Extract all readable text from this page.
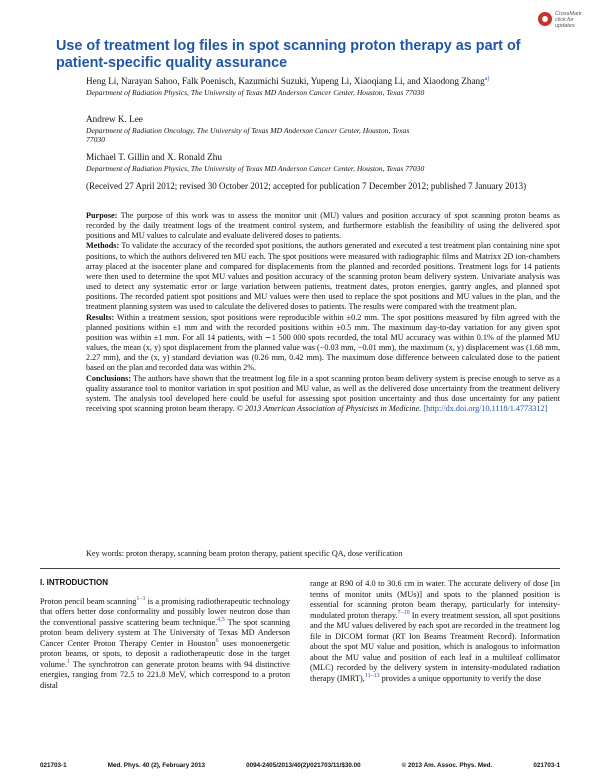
CrossMark
click for updates
Use of treatment log files in spot scanning proton therapy as part of patient-specific quality assurance
Heng Li, Narayan Sahoo, Falk Poenisch, Kazumichi Suzuki, Yupeng Li, Xiaoqiang Li, and Xiaodong Zhang$^{a)}$
Department of Radiation Physics, The University of Texas MD Anderson Cancer Center, Houston, Texas 77030
Andrew K. Lee
Department of Radiation Oncology, The University of Texas MD Anderson Cancer Center, Houston, Texas 77030
Michael T. Gillin and X. Ronald Zhu
Department of Radiation Physics, The University of Texas MD Anderson Cancer Center, Houston, Texas 77030
(Received 27 April 2012; revised 30 October 2012; accepted for publication 7 December 2012; published 7 January 2013)

Purpose: The purpose of this work was to assess the monitor unit (MU) values and position accuracy of spot scanning proton beams as recorded by the daily treatment logs of the treatment control system, and furthermore establish the feasibility of using the delivered spot positions and MU values to calculate and evaluate delivered doses to patients.

Methods: To validate the accuracy of the recorded spot positions, the authors generated and executed a test treatment plan containing nine spot positions, to which the authors delivered ten MU each. The spot positions were measured with radiographic films and Matrixx 2D ion-chambers array placed at the isocenter plane and compared for displacements from the planned and recorded positions. Treatment logs for 14 patients were then used to determine the spot MU values and position accuracy of the scanning proton beam delivery system. Univariate analysis was used to detect any systematic error or large variation between patients, treatment dates, proton energies, gantry angles, and planned spot positions. The recorded patient spot positions and MU values were then used to replace the spot positions and MU values in the plan, and the treatment planning system was used to calculate the delivered doses to patients. The results were compared with the treatment plan.

Results: Within a treatment session, spot positions were reproducible within ±0.2 mm. The spot positions measured by film agreed with the planned positions within ±1 mm and with the recorded positions within ±0.5 mm. The maximum day-to-day variation for any given spot position was within ±1 mm. For all 14 patients, with ∼1 500 000 spots recorded, the total MU accuracy was within 0.1% of the planned MU values, the mean (x, y) spot displacement from the planned value was (−0.03 mm, −0.01 mm), the maximum (x, y) displacement was (1.68 mm, 2.27 mm), and the (x, y) standard deviation was (0.26 mm, 0.42 mm). The maximum dose difference between calculated dose to the patient based on the plan and recorded data was within 2%.

Conclusions: The authors have shown that the treatment log file in a spot scanning proton beam delivery system is precise enough to serve as a quality assurance tool to monitor variation in spot position and MU value, as well as the delivered dose uncertainty from the treatment delivery system. The analysis tool developed here could be useful for assessing spot position uncertainty and thus dose uncertainty for any patient receiving spot scanning proton beam therapy. © 2013 American Association of Physicists in Medicine. [http://dx.doi.org/10.1118/1.4773312]

Key words: proton therapy, scanning beam proton therapy, patient specific QA, dose verification
I. INTRODUCTION

Proton pencil beam scanning$^{1-3}$ is a promising radiotherapeutic technology that offers better dose conformality and possibly lower neutron dose than the conventional passive scattering beam technique.$^{4,5}$ The spot scanning proton beam delivery system at The University of Texas MD Anderson Cancer Center Proton Therapy Center in Houston$^6$ uses monoenergetic proton beams, or spots, to deposit a radiotherapeutic dose in the target volume.$^1$ The synchrotron can generate proton beams with 94 distinctive energies, ranging from 72.5 to 221.8 MeV, which correspond to a proton distal

range at R90 of 4.0 to 30.6 cm in water. The accurate delivery of dose [in terms of monitor units (MUs)] and spots to the planned position is essential for scanning proton beam therapy, particularly for intensity-modulated proton therapy.$^{7-10}$ In every treatment session, all spot positions and the MU values delivered by each spot are recorded in the treatment log file in DICOM format (RT Ion Beams Treatment Record). Information about the spot MU value and position, which is analogous to information about the MU value and position of each leaf in a multileaf collimator (MLC) recorded by the delivery system in intensity-modulated radiation therapy (IMRT),$^{11-13}$ provides a unique opportunity to verify the dose

021703-1	Med. Phys. 40 (2), February 2013	0094-2405/2013/40(2)/021703/11/$30.00	© 2013 Am. Assoc. Phys. Med.	021703-1
